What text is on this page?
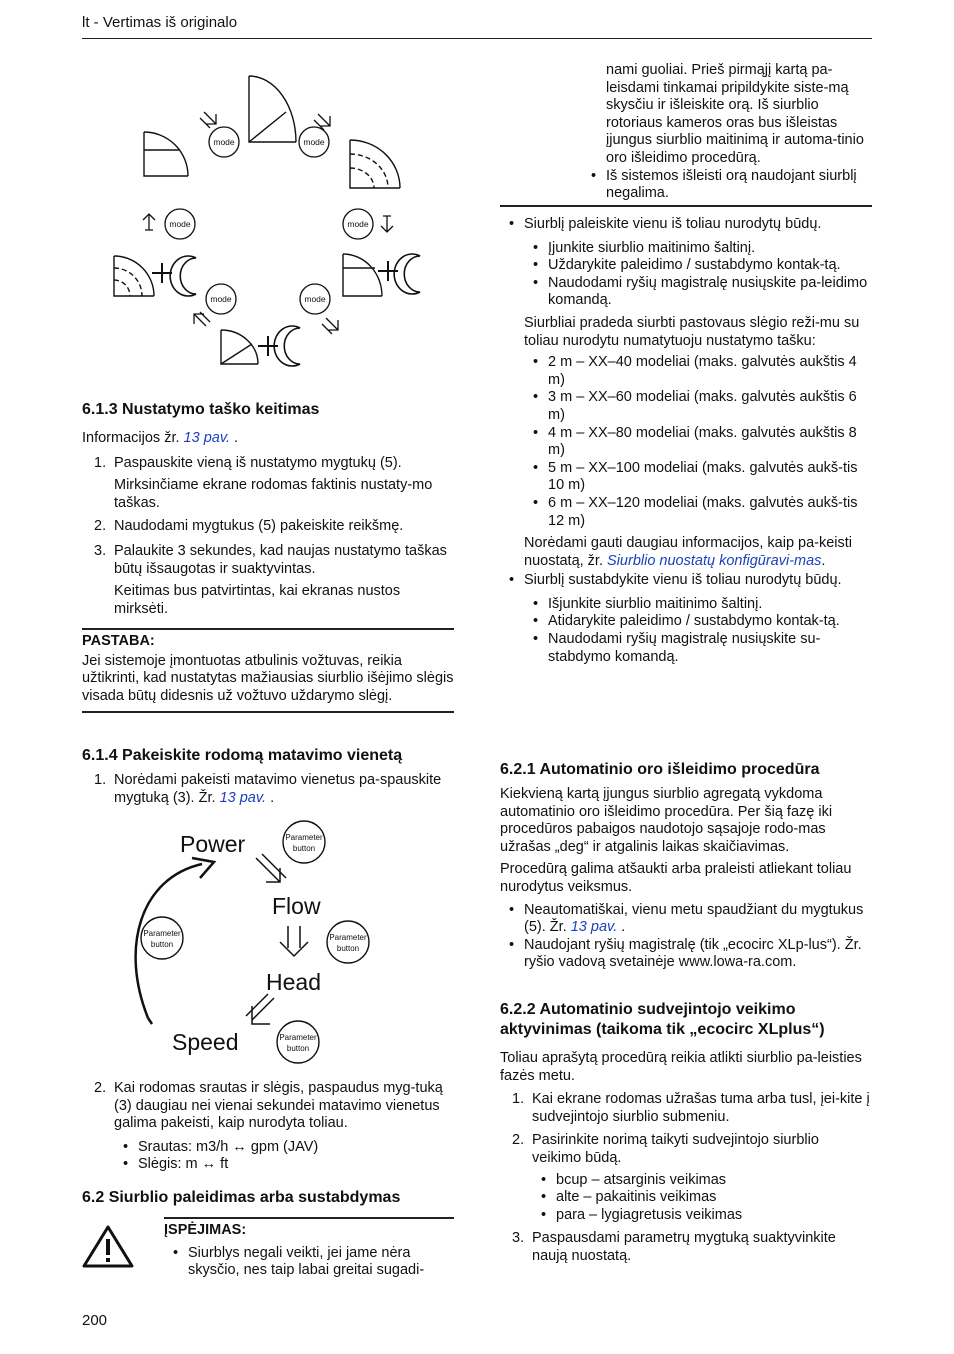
lt - Vertimas iš originalo
mode	mode
mode	mode
mode	mode
Power
Flow
Head
Speed
Parameter
button
Parameter
button
Parameter
button
Parameter
button
6.1.3 Nustatymo taško keitimas

Informacijos žr. 13 pav. .

1. Paspauskite vieną iš nustatymo mygtukų (5).

Mirksinčiame ekrane rodomas faktinis nustaty-mo taškas.

2. Naudodami mygtukus (5) pakeiskite reikšmę.
3. Palaukite 3 sekundes, kad naujas nustatymo taškas būtų išsaugotas ir suaktyvintas.

Keitimas bus patvirtintas, kai ekranas nustos mirksėti.

PASTABA:

Jei sistemoje įmontuotas atbulinis vožtuvas, reikia užtikrinti, kad nustatytas mažiausias siurblio išėjimo slėgis visada būtų didesnis už vožtuvo uždarymo slėgį.

6.1.4 Pakeiskite rodomą matavimo vienetą
1. Norėdami pakeisti matavimo vienetus pa-spauskite mygtuką (3). Žr. 13 pav. .
2. Kai rodomas srautas ir slėgis, paspaudus myg-tuką (3) daugiau nei vienai sekundei matavimo vienetus galima pakeisti, kaip nurodyta toliau.
• Srautas: m3/h ↔ gpm (JAV)
• Slėgis: m ↔ ft
6.2 Siurblio paleidimas arba sustabdymas
ĮSPĖJIMAS:
• Siurblys negali veikti, jei jame nėra skysčio, nes taip labai greitai sugadi-
200

nami guoliai. Prieš pirmąjį kartą pa-leisdami tinkamai pripildykite siste-mą skysčiu ir išleiskite orą. Iš siurblio rotoriaus kameros oras bus išleistas įjungus siurblio maitinimą ir automa-tinio oro išleidimo procedūrą.

• Iš sistemos išleisti orą naudojant siurblį negalima.
• Siurblį paleiskite vienu iš toliau nurodytų būdų.
• Įjunkite siurblio maitinimo šaltinį.
• Uždarykite paleidimo / sustabdymo kontak-tą.
• Naudodami ryšių magistralę nusiųskite pa-leidimo komandą.

Siurbliai pradeda siurbti pastovaus slėgio reži-mu su toliau nurodytu numatytuoju nustatymo tašku:

• 2 m – XX–40 modeliai (maks. galvutės aukštis 4 m)
• 3 m – XX–60 modeliai (maks. galvutės aukštis 6 m)
• 4 m – XX–80 modeliai (maks. galvutės aukštis 8 m)
• 5 m – XX–100 modeliai (maks. galvutės aukš-tis 10 m)
• 6 m – XX–120 modeliai (maks. galvutės aukš-tis 12 m)

Norėdami gauti daugiau informacijos, kaip pa-keisti nuostatą, žr. Siurblio nuostatų konfigūravi-mas.

• Siurblį sustabdykite vienu iš toliau nurodytų būdų.
• Išjunkite siurblio maitinimo šaltinį.
• Atidarykite paleidimo / sustabdymo kontak-tą.
• Naudodami ryšių magistralę nusiųskite su-stabdymo komandą.
6.2.1 Automatinio oro išleidimo procedūra

Kiekvieną kartą įjungus siurblio agregatą vykdoma automatinio oro išleidimo procedūra. Per šią fazę iki procedūros pabaigos naudotojo sąsajoje rodo-mas užrašas „deg“ ir atgalinis laikas skaičiavimas.

Procedūrą galima atšaukti arba praleisti atliekant toliau nurodytus veiksmus.

• Neautomatiškai, vienu metu spaudžiant du mygtukus (5). Žr. 13 pav. .
• Naudojant ryšių magistralę (tik „ecocirc XLp-lus“). Žr. ryšio vadovą svetainėje www.lowa-ra.com.
6.2.2 Automatinio sudvejintojo veikimo aktyvinimas (taikoma tik „ecocirc XLplus“)

Toliau aprašytą procedūrą reikia atlikti siurblio pa-leisties fazės metu.

1. Kai ekrane rodomas užrašas tuma arba tusl, įei-kite į sudvejintojo siurblio submeniu.
2. Pasirinkite norimą taikyti sudvejintojo siurblio veikimo būdą.
• bcup – atsarginis veikimas
• alte – pakaitinis veikimas
• para – lygiagretusis veikimas
3. Paspausdami parametrų mygtuką suaktyvinkite naują nuostatą.
